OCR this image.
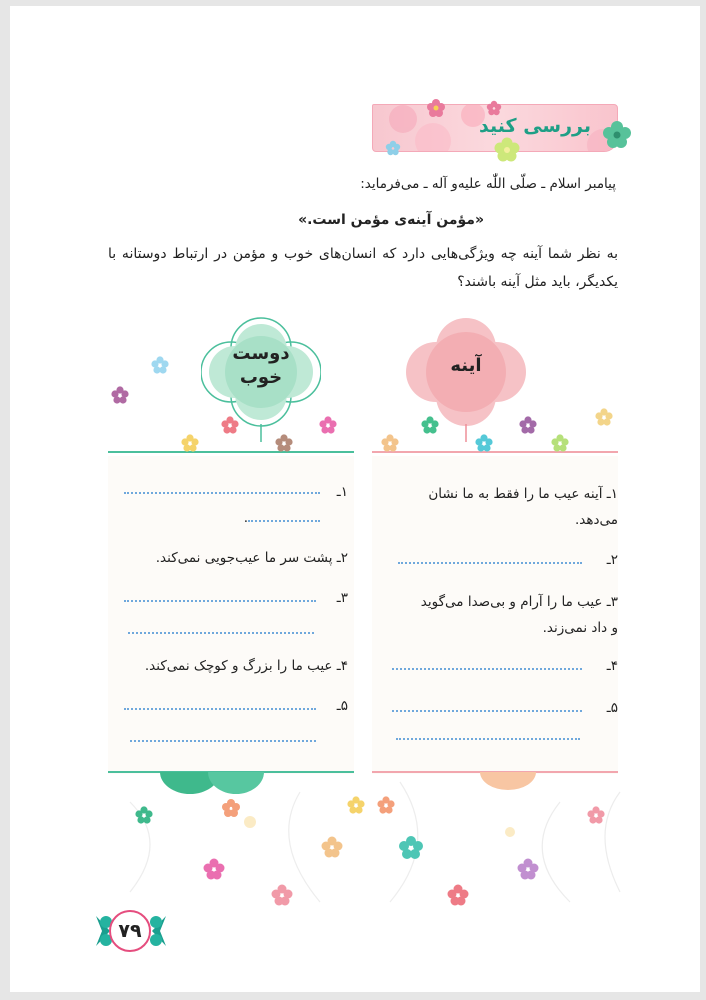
بررسی کنید
پیامبر اسلام ـ صلّی اللّٰه علیه‌و آله ـ می‌فرماید:
«مؤمن آینه‌ی مؤمن است.»
به نظر شما آینه چه ویژگی‌هایی دارد که انسان‌های خوب و مؤمن در ارتباط دوستانه با یکدیگر، باید مثل آینه باشند؟
دوست
خوب
آینه
۱ـ آینه عیب ما را فقط به ما نشان
می‌دهد.
۲ـ
۳ـ عیب ما را آرام و بی‌صدا می‌گوید
و داد نمی‌زند.
۴ـ
۵ـ
۱ـ
.
۲ـ پشت سر ما عیب‌جویی نمی‌کند.
۳ـ
۴ـ عیب ما را بزرگ و کوچک نمی‌کند.
۵ـ
۷۹
